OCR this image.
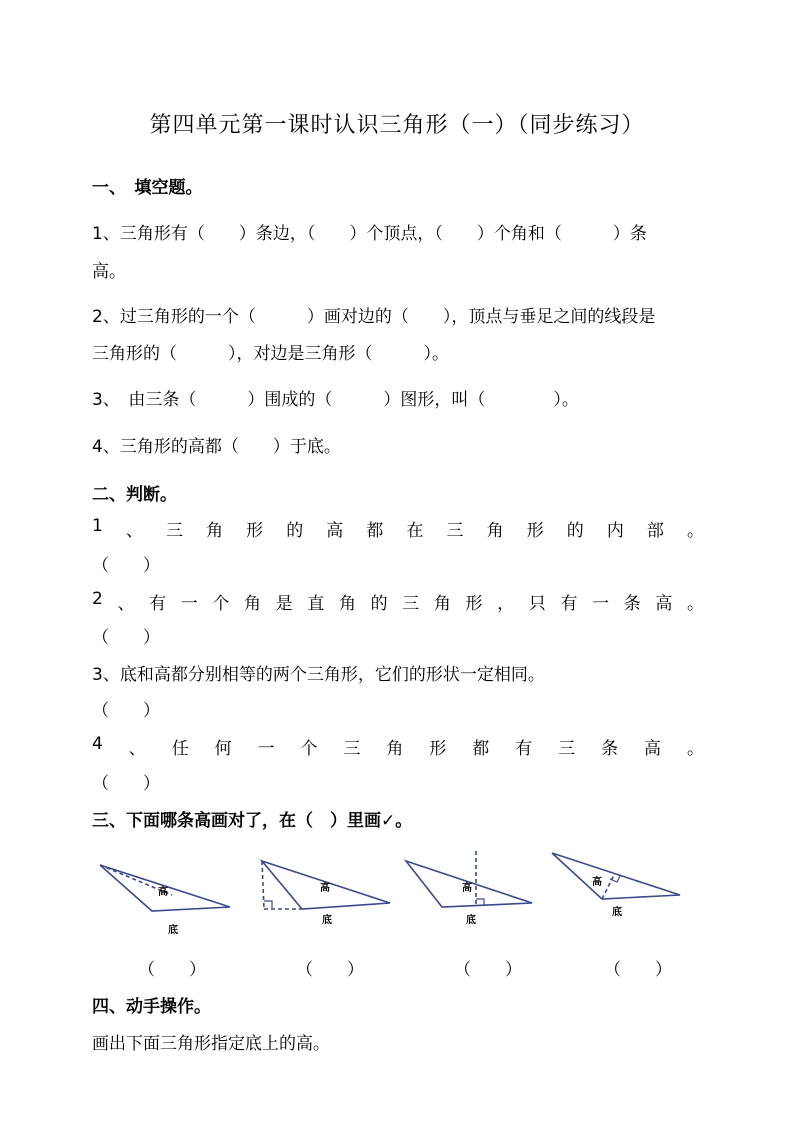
第四单元第一课时认识三角形（一）（同步练习）
一、　填空题。
1、三角形有（　　）条边，（　　）个顶点，（　　）个角和（　　　）条
高。
2、过三角形的一个（　　　）画对边的（　　），顶点与垂足之间的线段是
三角形的（　　　），对边是三角形（　　　）。
3、　由三条（　　　）围成的（　　　）图形，叫（　　　　）。
4、三角形的高都（　　）于底。
二、判断。
1 、 三 角 形 的 高 都 在 三 角 形 的 内 部 。
（　　）
2 、 有 一 个 角 是 直 角 的 三 角 形 ， 只 有 一 条 高 。
（　　）
3、底和高都分别相等的两个三角形，它们的形状一定相同。
（　　）
4 、 任 何 一 个 三 角 形 都 有 三 条 高 。
（　　）
三、下面哪条高画对了，在（　）里画✓。
高
底
高
底
高
底
高
底
（　　）	（　　）	（　　）	（　　）
四、动手操作。
画出下面三角形指定底上的高。
